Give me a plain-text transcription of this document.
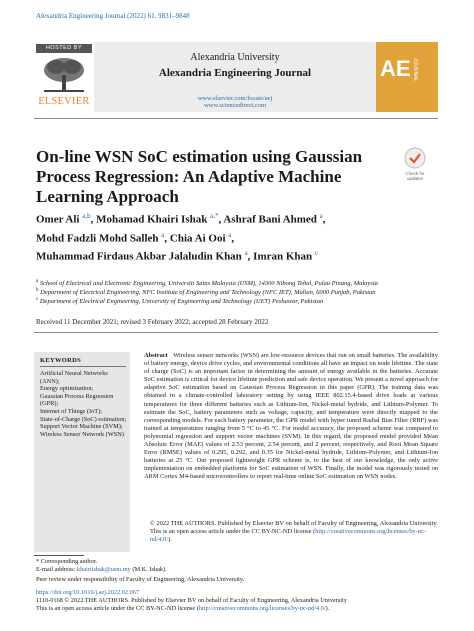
Alexandria Engineering Journal (2022) 61, 9831–9848
HOSTED BY
ELSEVIER
Alexandria University
Alexandria Engineering Journal
www.elsevier.com/locate/aej
www.sciencedirect.com
AE JOURNAL
On-line WSN SoC estimation using Gaussian Process Regression: An Adaptive Machine Learning Approach
Check for updates
Omer Ali $^{a,b}$, Mohamad Khairi Ishak $^{a,*}$, Ashraf Bani Ahmed $^a$,
Mohd Fadzli Mohd Salleh $^a$, Chia Ai Ooi $^a$,
Muhammad Firdaus Akbar Jalaludin Khan $^a$, Imran Khan $^c$
$^a$ School of Electrical and Electronic Engineering, Universiti Sains Malaysia (USM), 14300 Nibong Tebal, Pulau Pinang, Malaysia
$^b$ Department of Electrical Engineering, NFC Institute of Engineering and Technology (NFC IET), Multan, 6000 Punjab, Pakistan
$^c$ Department of Electrical Engineering, University of Engineering and Technology (UET) Peshawar, Pakistan
Received 11 December 2021; revised 3 February 2022; accepted 28 February 2022
KEYWORDS
Artificial Neural Networks (ANN);
Energy optimization;
Gaussian Process Regression (GPR);
Internet of Things (IoT);
State-of-Charge (SoC) estimation;
Support Vector Machine (SVM);
Wireless Sensor Network (WSN)
Abstract Wireless sensor networks (WSN) are low-resource devices that run on small batteries. The availability of battery energy, device drive cycles, and environmental conditions all have an impact on node lifetime. The state of charge (SoC) is an important factor in determining the amount of energy available in the batteries. Accurate SoC estimation is critical for device lifetime prediction and safe device operation. We present a novel approach for adaptive SoC estimation based on Gaussian Process Regression in this paper (GPR). The training data was obtained in a climate-controlled laboratory setting by using IEEE 802.15.4-based drive loads at various temperatures for three different batteries such as Lithium-Ion, Nickel-metal hydride, and Lithium-Polymer. To estimate the SoC, battery parameters such as voltage, capacity, and temperature were directly mapped to the corresponding models. For each battery parameter, the GPR model with hyper tuned Radial Bias Filter (RBF) was trained at temperatures ranging from 5 °C to 45 °C. For model accuracy, the proposed scheme was compared to polynomial regression and support vector machines (SVM). In this regard, the proposed model provided Mean Absolute Error (MAE) values of 2.53 percent, 2.54 percent, and 2 percent, respectively, and Root Mean Square Error (RMSE) values of 0.295, 0.292, and 0.35 for Nickel-metal hydride, Lithium-Polymer, and Lithium-Ion batteries at 25 °C. Our proposed lightweight GPR scheme is, to the best of our knowledge, the only active implementation on embedded platforms for SoC estimation of WSN. Finally, the model was rigorously tested on ARM Cortex M4-based microcontrollers to report real-time online SoC estimation on WSN nodes.
© 2022 THE AUTHORS. Published by Elsevier BV on behalf of Faculty of Engineering, Alexandria University This is an open access article under the CC BY-NC-ND license (http://creativecommons.org/licenses/by-nc-nd/4.0/).
* Corresponding author.
E-mail address: khairiishak@usm.my (M.K. Ishak).
Peer review under responsibility of Faculty of Engineering, Alexandria University.
https://doi.org/10.1016/j.aej.2022.02.067
1110-0168 © 2022 THE AUTHORS. Published by Elsevier BV on behalf of Faculty of Engineering, Alexandria University
This is an open access article under the CC BY-NC-ND license (http://creativecommons.org/licenses/by-nc-nd/4.0/).
